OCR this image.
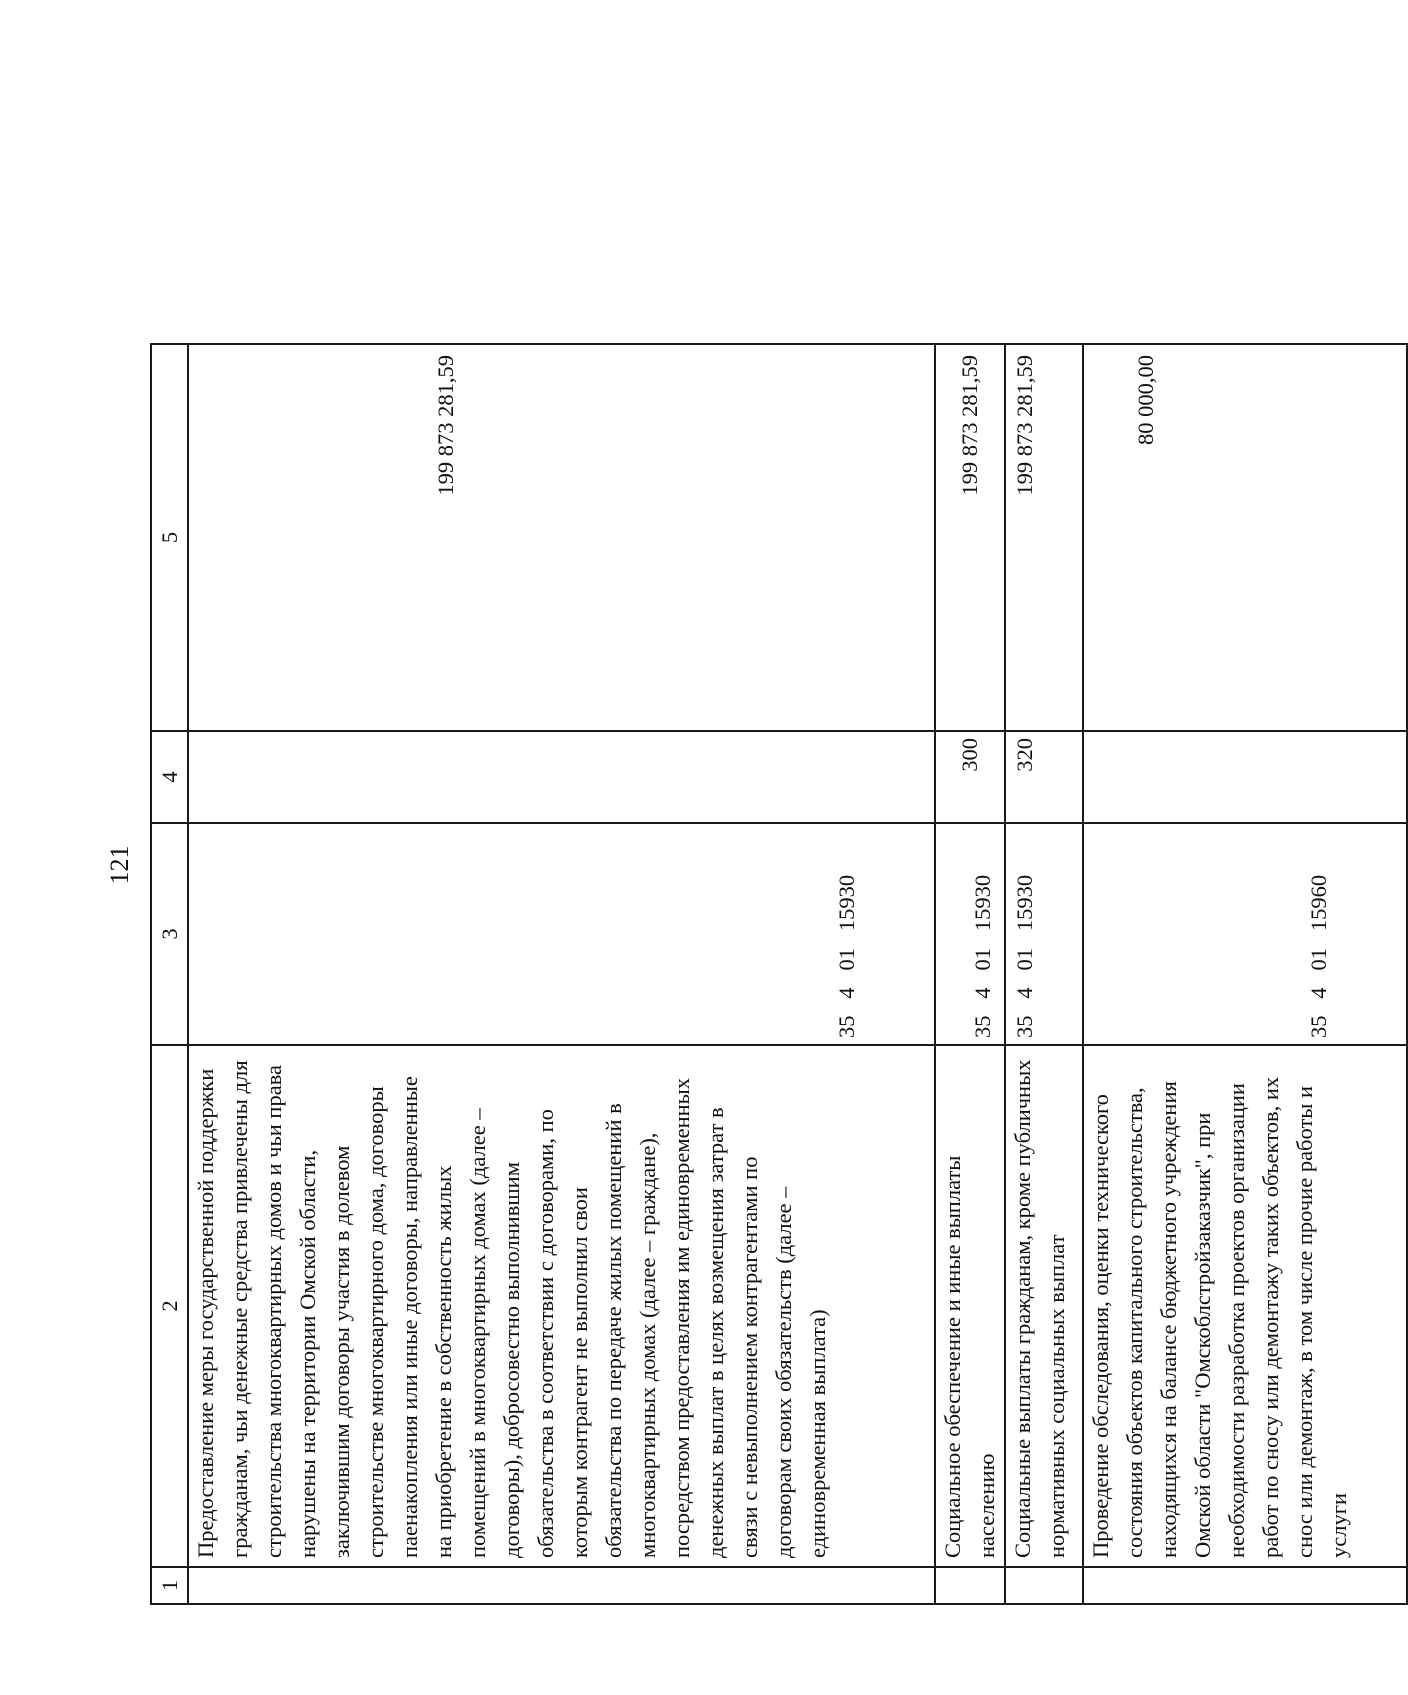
121
1	2	3	4	5
	Предоставление меры государственной поддержки гражданам, чьи денежные средства привлечены для строительства многоквартирных домов и чьи права нарушены на территории Омской области, заключившим договоры участия в долевом строительстве многоквартирного дома, договоры паенакопления или иные договоры, направленные на приобретение в собственность жилых помещений в многоквартирных домах (далее – договоры), добросовестно выполнившим обязательства в соответствии с договорами, по которым контрагент не выполнил свои обязательства по передаче жилых помещений в многоквартирных домах (далее – граждане), посредством предоставления им единовременных денежных выплат в целях возмещения затрат в связи с невыполнением контрагентами по договорам своих обязательств (далее – единовременная выплата)	35   4   01   15930		199 873 281,59
	Социальное обеспечение и иные выплаты населению	35   4   01   15930	300	199 873 281,59
	Социальные выплаты гражданам, кроме публичных нормативных социальных выплат	35   4   01   15930	320	199 873 281,59
	Проведение обследования, оценки технического состояния объектов капитального строительства, находящихся на балансе бюджетного учреждения Омской области "Омскоблстройзаказчик", при необходимости разработка проектов организации работ по сносу или демонтажу таких объектов, их снос или демонтаж, в том числе прочие работы и услуги	35   4   01   15960		80 000,00
